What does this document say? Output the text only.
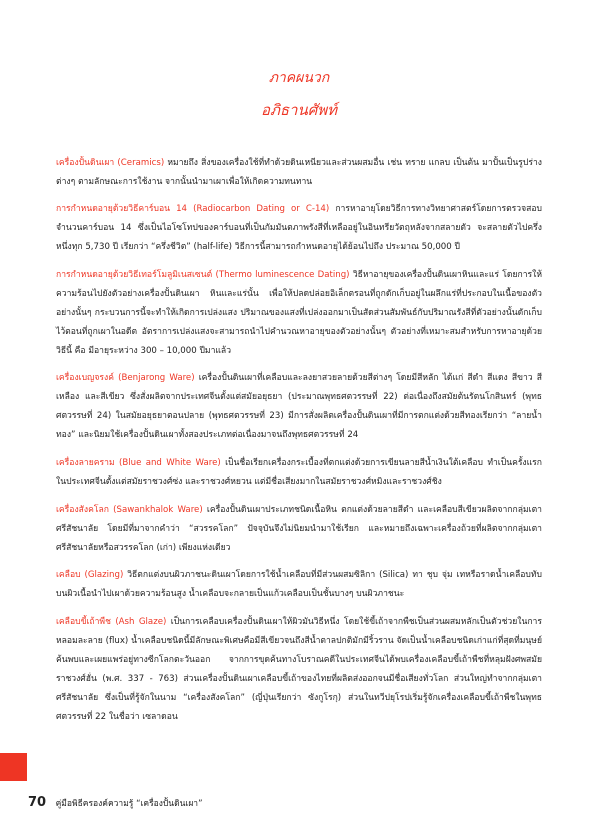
ภาคผนวก
อภิธานศัพท์

เครื่องปั้นดินเผา (Ceramics) หมายถึง สิ่งของเครื่องใช้ที่ทำด้วยดินเหนียวและส่วนผสมอื่น เช่น ทราย แกลบ เป็นต้น มาปั้นเป็นรูปร่างต่างๆ ตามลักษณะการใช้งาน จากนั้นนำมาเผาเพื่อให้เกิดความทนทาน

การกำหนดอายุด้วยวิธีคาร์บอน 14 (Radiocarbon Dating or C-14) การหาอายุโดยวิธีการทางวิทยาศาสตร์โดยการตรวจสอบจำนวนคาร์บอน 14 ซึ่งเป็นไอโซโทปของคาร์บอนที่เป็นกัมมันตภาพรังสีที่เหลืออยู่ในอินทรียวัตถุหลังจากสลายตัว จะสลายตัวไปครึ่งหนึ่งทุก 5,730 ปี เรียกว่า “ครึ่งชีวิต” (half-life) วิธีการนี้สามารถกำหนดอายุได้ย้อนไปถึง ประมาณ 50,000 ปี

การกำหนดอายุด้วยวิธีเทอร์โมลูมิเนสเซนต์ (Thermo luminescence Dating) วิธีหาอายุของเครื่องปั้นดินเผาหินและแร่ โดยการให้ความร้อนไปยังตัวอย่างเครื่องปั้นดินเผา หินและแร่นั้น เพื่อให้ปลดปล่อยอิเล็กตรอนที่ถูกดักเก็บอยู่ในผลึกแร่ที่ประกอบในเนื้อของตัวอย่างนั้นๆ กระบวนการนี้จะทำให้เกิดการเปล่งแสง ปริมาณของแสงที่เปล่งออกมาเป็นสัดส่วนสัมพันธ์กับปริมาณรังสีที่ตัวอย่างนั้นดักเก็บไว้ตอนที่ถูกเผาในอดีต อัตราการเปล่งแสงจะสามารถนำไปคำนวณหาอายุของตัวอย่างนั้นๆ ตัวอย่างที่เหมาะสมสำหรับการหาอายุด้วยวิธีนี้ คือ มีอายุระหว่าง 300 – 10,000 ปีมาแล้ว

เครื่องเบญจรงค์ (Benjarong Ware) เครื่องปั้นดินเผาที่เคลือบและลงยาสวยลายด้วยสีต่างๆ โดยมีสีหลัก ได้แก่ สีดำ สีแดง สีขาว สีเหลือง และสีเขียว ซึ่งสั่งผลิตจากประเทศจีนตั้งแต่สมัยอยุธยา (ประมาณพุทธศตวรรษที่ 22) ต่อเนื่องถึงสมัยต้นรัตนโกสินทร์ (พุทธศตวรรษที่ 24) ในสมัยอยุธยาตอนปลาย (พุทธศตวรรษที่ 23) มีการสั่งผลิตเครื่องปั้นดินเผาที่มีการตกแต่งด้วยสีทองเรียกว่า “ลายน้ำทอง” และนิยมใช้เครื่องปั้นดินเผาทั้งสองประเภทต่อเนื่องมาจนถึงพุทธศตวรรษที่ 24

เครื่องลายคราม (Blue and White Ware) เป็นชื่อเรียกเครื่องกระเบื้องที่ตกแต่งด้วยการเขียนลายสีน้ำเงินใต้เคลือบ ทำเป็นครั้งแรกในประเทศจีนตั้งแต่สมัยราชวงศ์ซ่ง และราชวงศ์หยวน แต่มีชื่อเสียงมากในสมัยราชวงศ์หมิงและราชวงศ์ชิง

เครื่องสังคโลก (Sawankhalok Ware) เครื่องปั้นดินเผาประเภทชนิดเนื้อหิน ตกแต่งด้วยลายสีดำ และเคลือบสีเขียวผลิตจากกลุ่มเตาศรีสัชนาลัย โดยมีที่มาจากคำว่า “สวรรคโลก” ปัจจุบันจึงไม่นิยมนำมาใช้เรียก และหมายถึงเฉพาะเครื่องถ้วยที่ผลิตจากกลุ่มเตาศรีสัชนาลัยหรือสวรรคโลก (เก่า) เพียงแห่งเดียว

เคลือบ (Glazing) วิธีตกแต่งบนผิวภาชนะดินเผาโดยการใช้น้ำเคลือบที่มีส่วนผสมซิลิกา (Silica) ทา ชุบ จุ่ม เทหรือราดน้ำเคลือบทับบนผิวเนื้อนำไปเผาด้วยความร้อนสูง น้ำเคลือบจะกลายเป็นแก้วเคลือบเป็นชั้นบางๆ บนผิวภาชนะ

เคลือบขี้เถ้าพืช (Ash Glaze) เป็นการเคลือบเครื่องปั้นดินเผาให้ผิวมันวิธีหนึ่ง โดยใช้ขี้เถ้าจากพืชเป็นส่วนผสมหลักเป็นตัวช่วยในการหลอมละลาย (flux) น้ำเคลือบชนิดนี้มีลักษณะพิเศษคือมีสีเขียวจนถึงสีน้ำตาลปกติมักมีริ้วราน จัดเป็นน้ำเคลือบชนิดเก่าแก่ที่สุดที่มนุษย์ค้นพบและเผยแพร่อยู่ทางซีกโลกตะวันออก จากการขุดค้นทางโบราณคดีในประเทศจีนได้พบเครื่องเคลือบขี้เถ้าพืชที่หลุมฝังศพสมัยราชวงศ์ฮั่น (พ.ศ. 337 - 763) ส่วนเครื่องปั้นดินเผาเคลือบขี้เถ้าของไทยที่ผลิตส่งออกจนมีชื่อเสียงทั่วโลก ส่วนใหญ่ทำจากกลุ่มเตาศรีสัชนาลัย ซึ่งเป็นที่รู้จักในนาม “เครื่องสังคโลก” (ญี่ปุ่นเรียกว่า ซังกูโรกุ) ส่วนในทวีปยุโรปเริ่มรู้จักเครื่องเคลือบขี้เถ้าพืชในพุทธศตวรรษที่ 22 ในชื่อว่า เซลาดอน

70 คู่มือพิธีครองค์ความรู้ “เครื่องปั้นดินเผา”
